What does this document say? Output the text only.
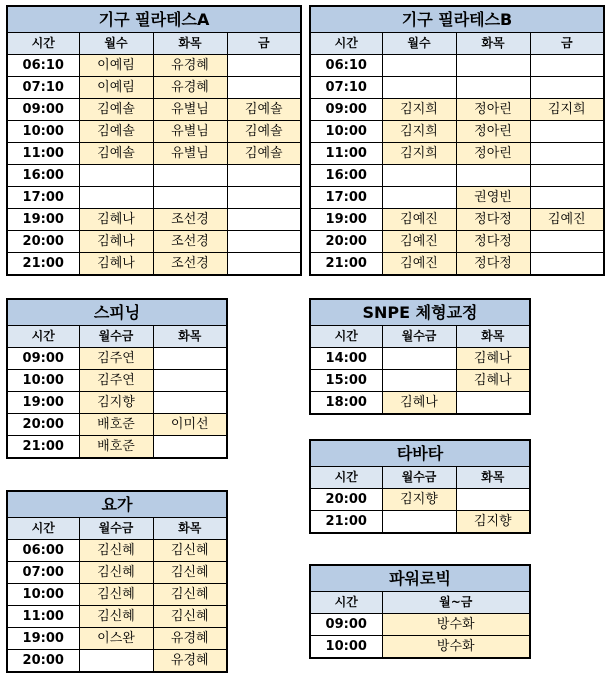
기구 필라테스A			
시간	월수	화목	금
06:10	이예림	유경혜	
07:10	이예림	유경혜	
09:00	김예솔	유별님	김예솔
10:00	김예솔	유별님	김예솔
11:00	김예솔	유별님	김예솔
16:00			
17:00			
19:00	김혜나	조선경	
20:00	김혜나	조선경	
21:00	김혜나	조선경	
기구 필라테스B			
시간	월수	화목	금
06:10			
07:10			
09:00	김지희	정아린	김지희
10:00	김지희	정아린	
11:00	김지희	정아린	
16:00			
17:00		권영빈	
19:00	김예진	정다정	김예진
20:00	김예진	정다정	
21:00	김예진	정다정	
스피닝		
시간	월수금	화목
09:00	김주연	
10:00	김주연	
19:00	김지향	
20:00	배호준	이미선
21:00	배호준	
SNPE 체형교정		
시간	월수금	화목
14:00		김혜나
15:00		김혜나
18:00	김혜나	
타바타		
시간	월수금	화목
20:00	김지향	
21:00		김지향
요가		
시간	월수금	화목
06:00	김신혜	김신혜
07:00	김신혜	김신혜
10:00	김신혜	김신혜
11:00	김신혜	김신혜
19:00	이스완	유경혜
20:00		유경혜
파워로빅	
시간	월~금
09:00	방수화
10:00	방수화
